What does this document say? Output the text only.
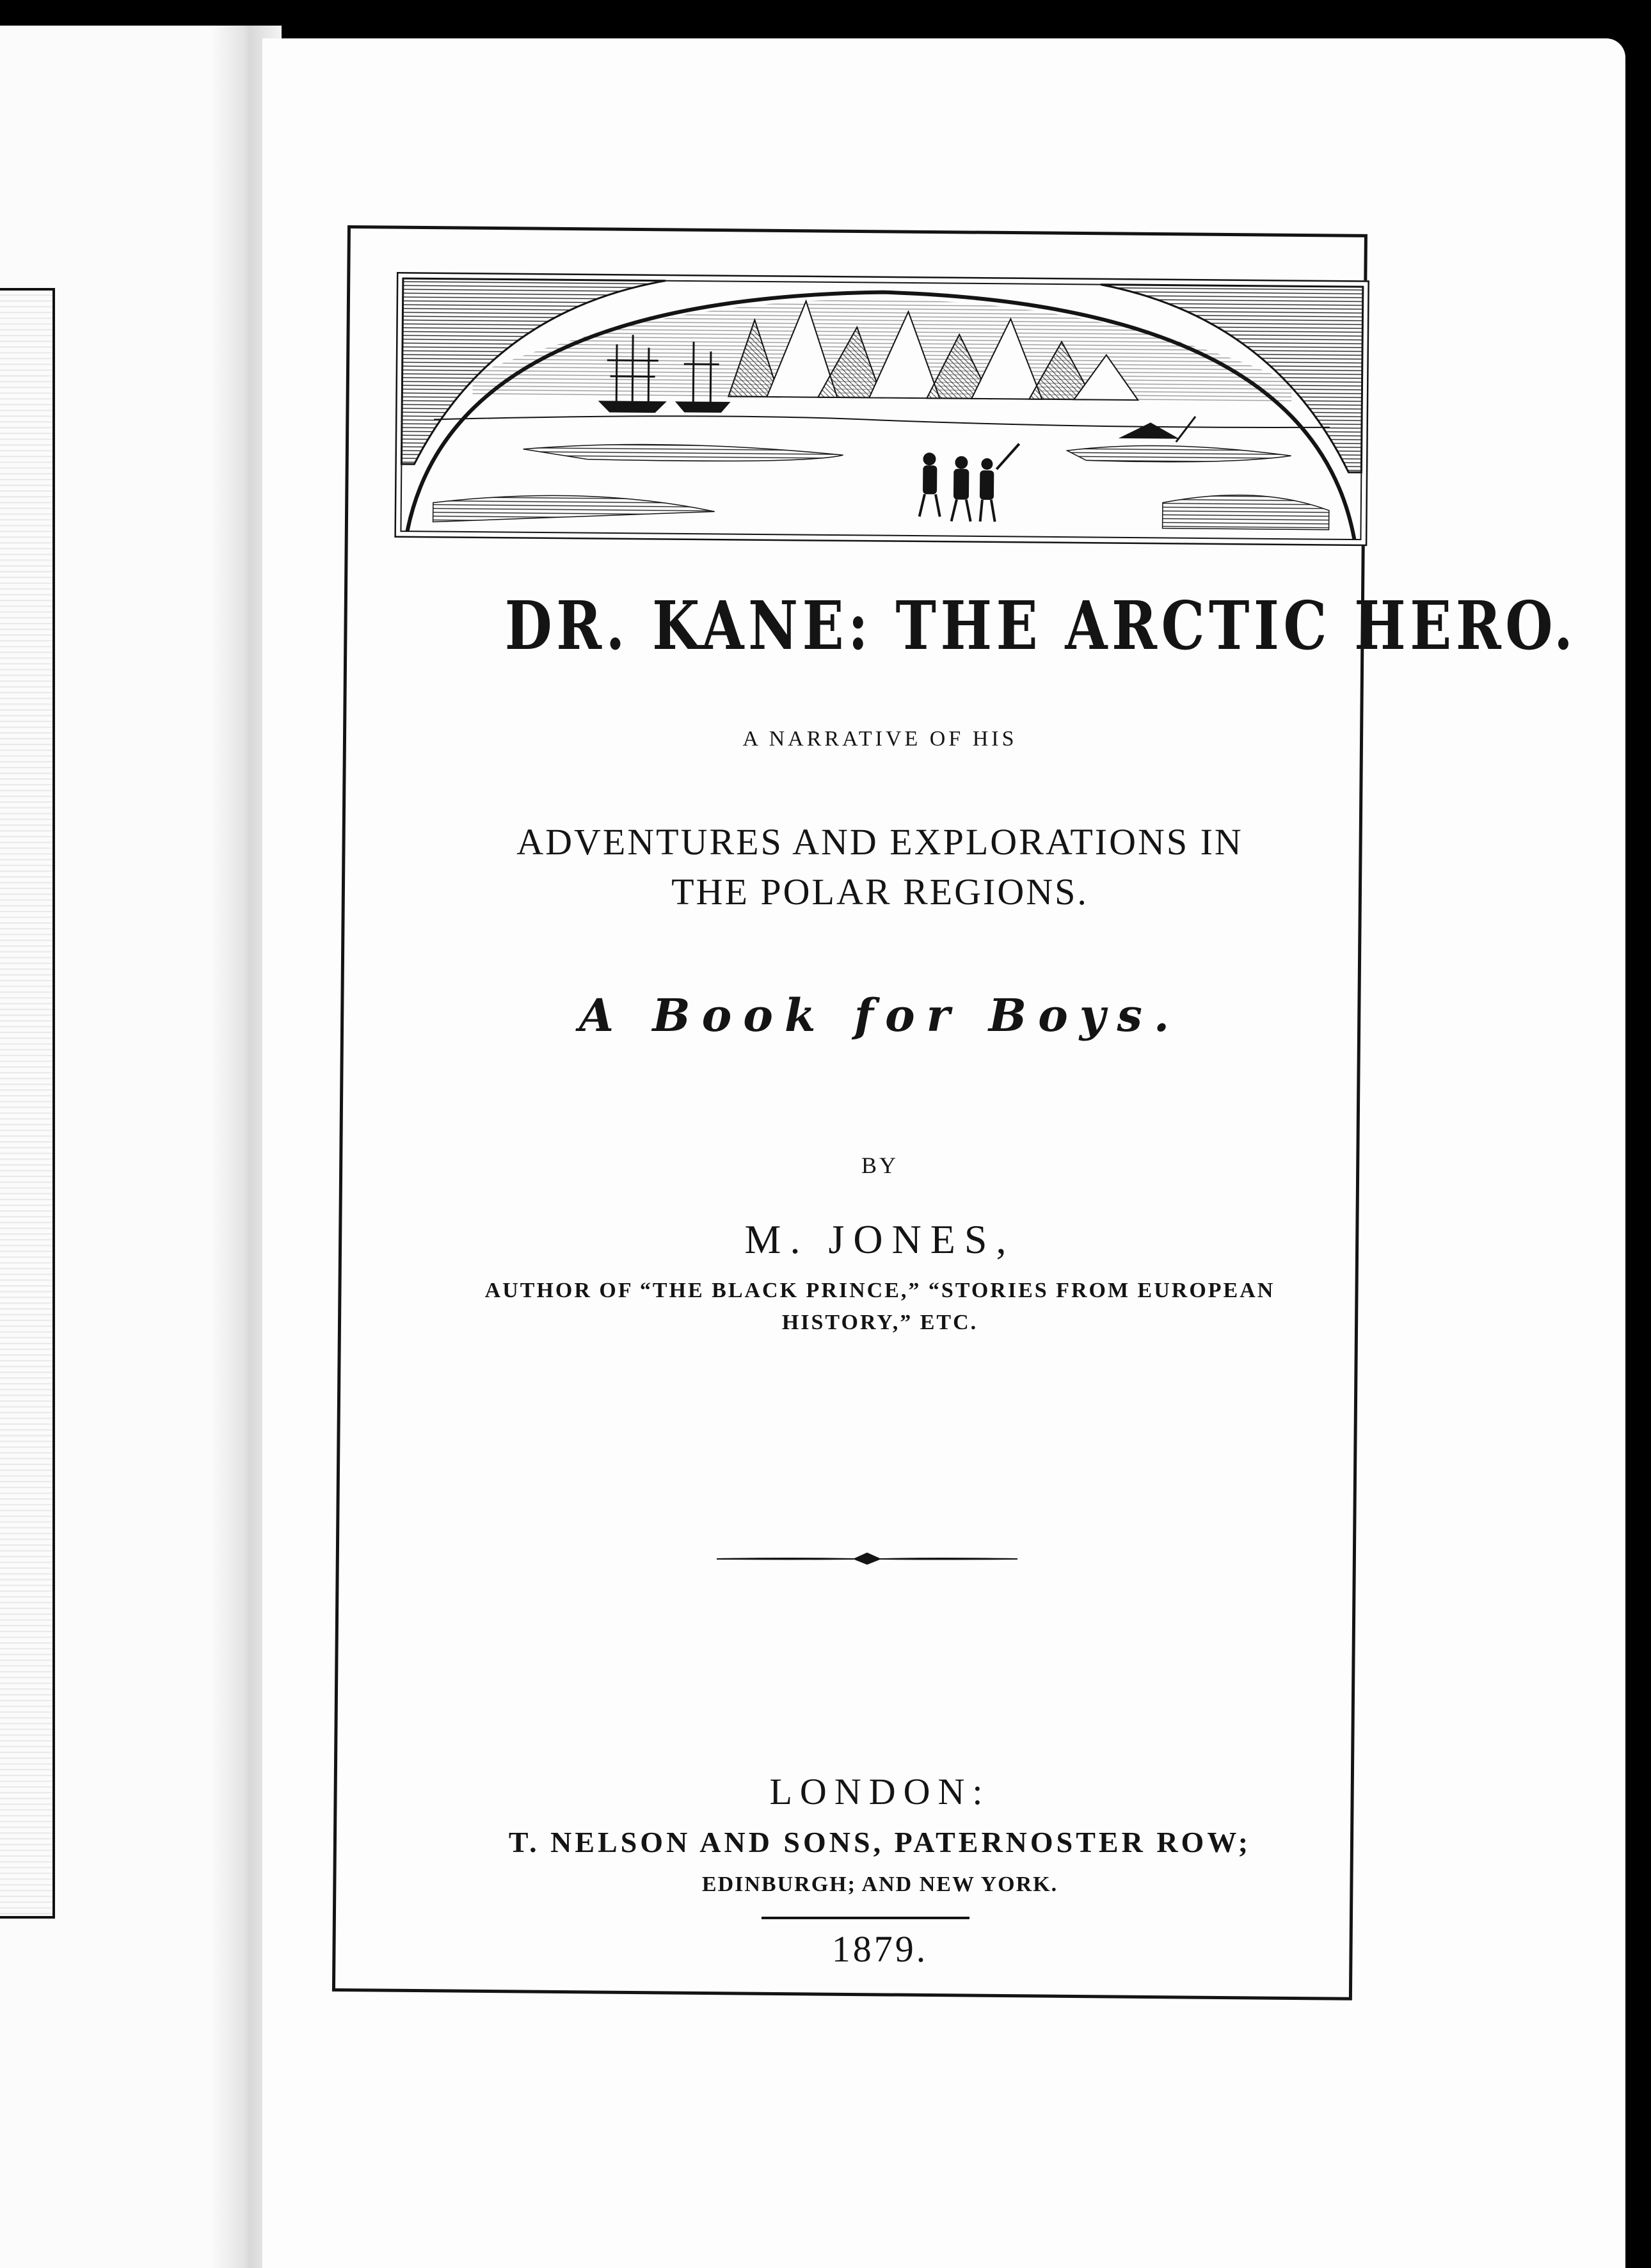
DR. KANE: THE ARCTIC HERO.

A NARRATIVE OF HIS

ADVENTURES AND EXPLORATIONS IN

THE POLAR REGIONS.

A Book for Boys.

BY

M. JONES,

AUTHOR OF “THE BLACK PRINCE,” “STORIES FROM EUROPEAN

HISTORY,” ETC.

LONDON:

T. NELSON AND SONS, PATERNOSTER ROW;

EDINBURGH; AND NEW YORK.

1879.
